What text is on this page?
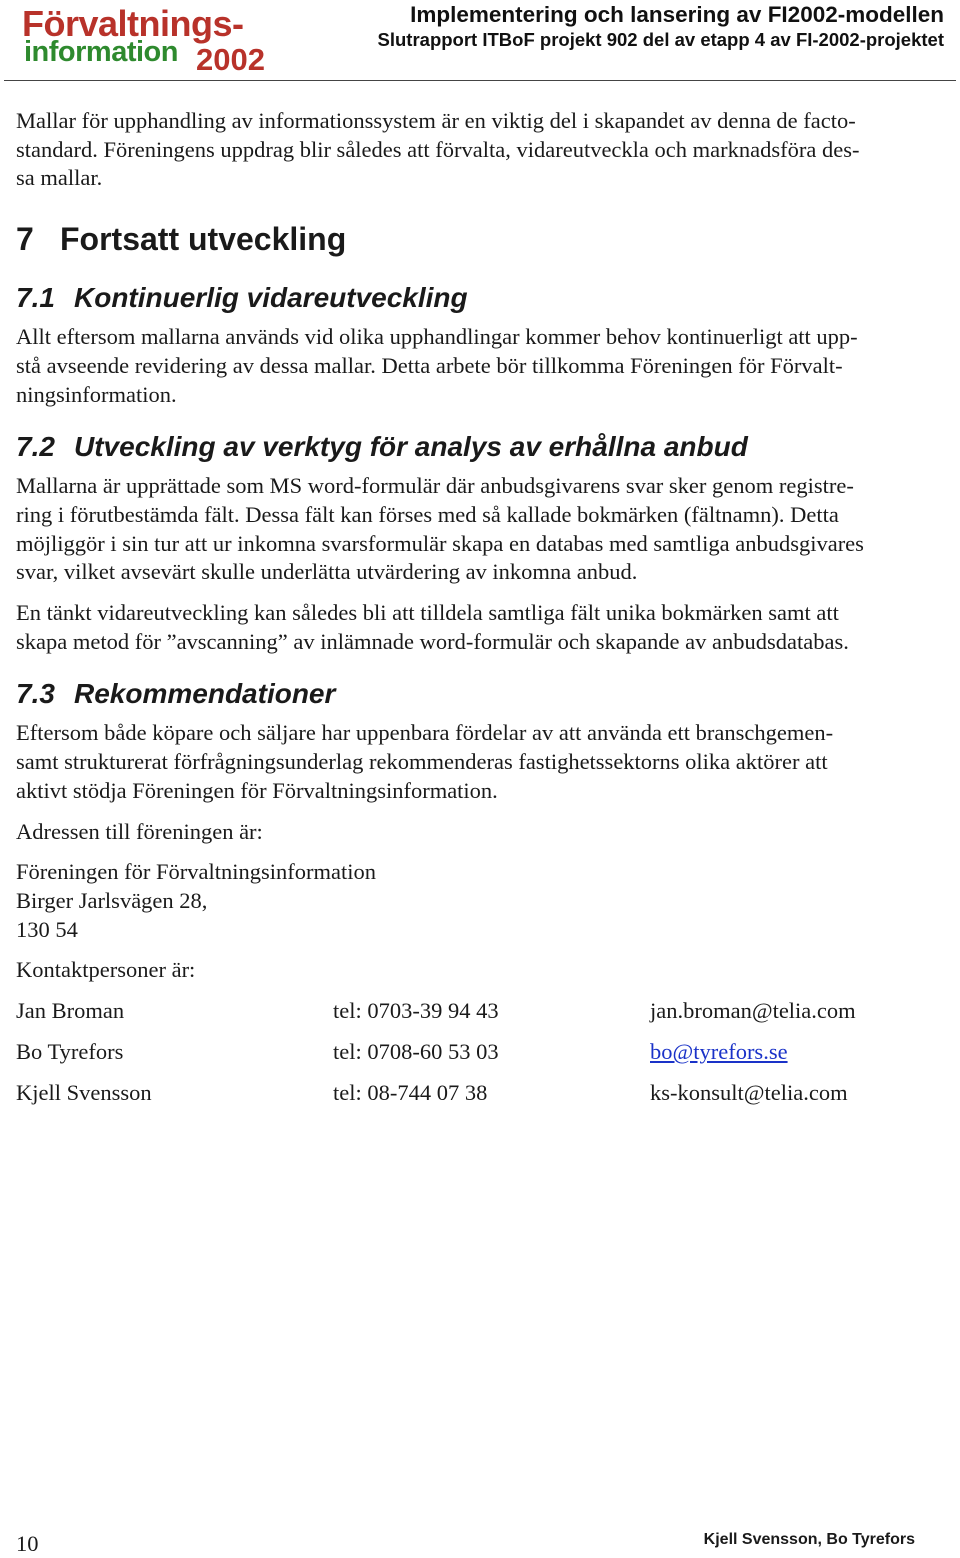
Förvaltnings-
information 2002
Implementering och lansering av FI2002-modellen
Slutrapport ITBoF projekt 902 del av etapp 4 av FI-2002-projektet

Mallar för upphandling av informationssystem är en viktig del i skapandet av denna de facto-
standard. Föreningens uppdrag blir således att förvalta, vidareutveckla och marknadsföra des-
sa mallar.

7 Fortsatt utveckling
7.1 Kontinuerlig vidareutveckling

Allt eftersom mallarna används vid olika upphandlingar kommer behov kontinuerligt att upp-
stå avseende revidering av dessa mallar. Detta arbete bör tillkomma Föreningen för Förvalt-
ningsinformation.

7.2 Utveckling av verktyg för analys av erhållna anbud

Mallarna är upprättade som MS word-formulär där anbudsgivarens svar sker genom registre-
ring i förutbestämda fält. Dessa fält kan förses med så kallade bokmärken (fältnamn). Detta
möjliggör i sin tur att ur inkomna svarsformulär skapa en databas med samtliga anbudsgivares
svar, vilket avsevärt skulle underlätta utvärdering av inkomna anbud.

En tänkt vidareutveckling kan således bli att tilldela samtliga fält unika bokmärken samt att
skapa metod för ”avscanning” av inlämnade word-formulär och skapande av anbudsdatabas.

7.3 Rekommendationer

Eftersom både köpare och säljare har uppenbara fördelar av att använda ett branschgemen-
samt strukturerat förfrågningsunderlag rekommenderas fastighetssektorns olika aktörer att
aktivt stödja Föreningen för Förvaltningsinformation.

Adressen till föreningen är:

Föreningen för Förvaltningsinformation
Birger Jarlsvägen 28,
130 54

Kontaktpersoner är:

Jan Broman	tel: 0703-39 94 43	jan.broman@telia.com
Bo Tyrefors	tel: 0708-60 53 03	bo@tyrefors.se
Kjell Svensson	tel: 08-744 07 38	ks-konsult@telia.com
10	Kjell Svensson, Bo Tyrefors
